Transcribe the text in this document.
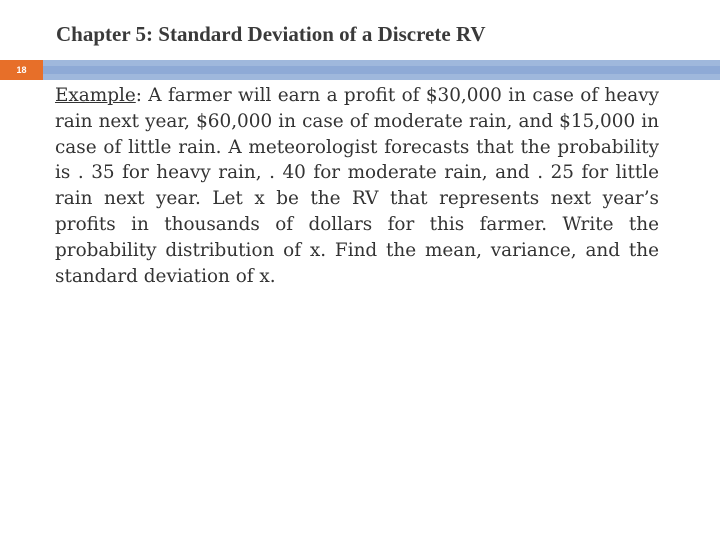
Chapter 5: Standard Deviation of a Discrete RV
18

Example: A farmer will earn a profit of $30,000 in case of heavy rain next year, $60,000 in case of moderate rain, and $15,000 in case of little rain. A meteorologist forecasts that the probability is . 35 for heavy rain, . 40 for moderate rain, and . 25 for little rain next year. Let x be the RV that represents next year’s profits in thousands of dollars for this farmer. Write the probability distribution of x. Find the mean, variance, and the standard deviation of x.
